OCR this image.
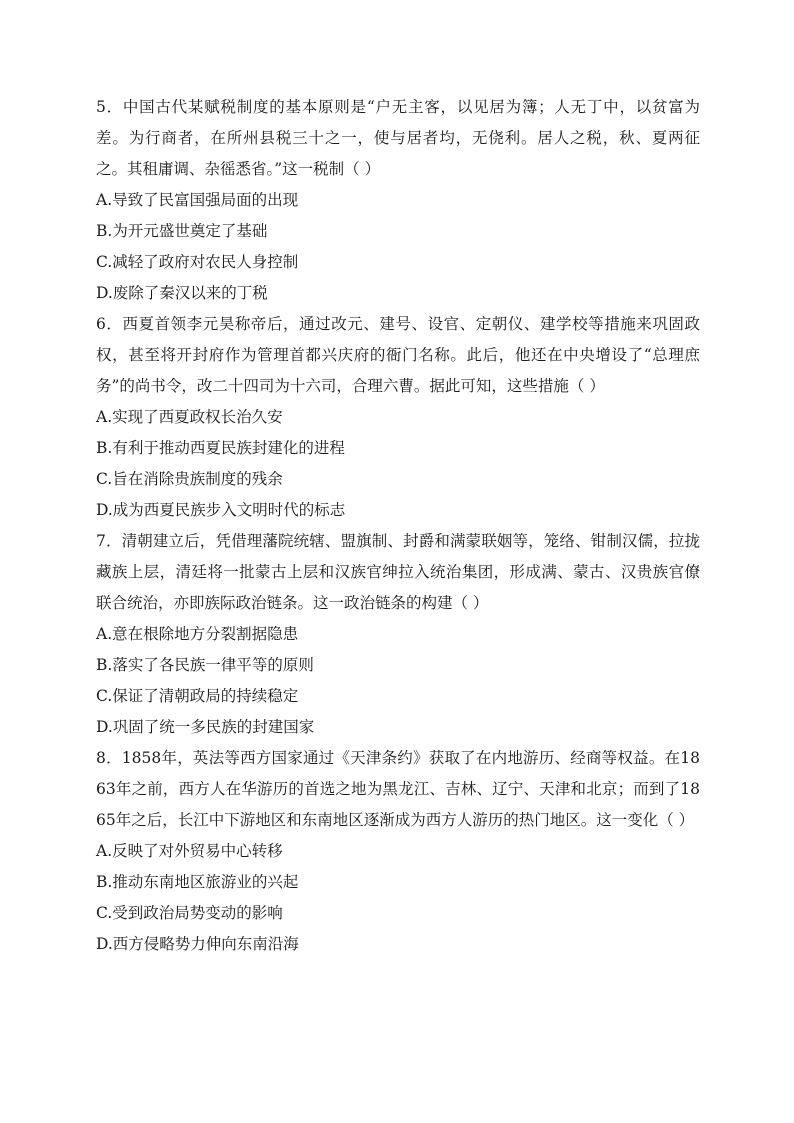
5．中国古代某赋税制度的基本原则是“户无主客，以见居为簿；人无丁中，以贫富为差。为行商者，在所州县税三十之一，使与居者均，无侥利。居人之税，秋、夏两征之。其租庸调、杂徭悉省。”这一税制（ ）

A.导致了民富国强局面的出现
B.为开元盛世奠定了基础
C.减轻了政府对农民人身控制
D.废除了秦汉以来的丁税

6．西夏首领李元昊称帝后，通过改元、建号、设官、定朝仪、建学校等措施来巩固政权，甚至将开封府作为管理首都兴庆府的衙门名称。此后，他还在中央增设了“总理庶务”的尚书令，改二十四司为十六司，合理六曹。据此可知，这些措施（ ）

A.实现了西夏政权长治久安
B.有利于推动西夏民族封建化的进程
C.旨在消除贵族制度的残余
D.成为西夏民族步入文明时代的标志

7．清朝建立后，凭借理藩院统辖、盟旗制、封爵和满蒙联姻等，笼络、钳制汉儒，拉拢藏族上层，清廷将一批蒙古上层和汉族官绅拉入统治集团，形成满、蒙古、汉贵族官僚联合统治，亦即族际政治链条。这一政治链条的构建（ ）

A.意在根除地方分裂割据隐患
B.落实了各民族一律平等的原则
C.保证了清朝政局的持续稳定
D.巩固了统一多民族的封建国家

8．1858年，英法等西方国家通过《天津条约》获取了在内地游历、经商等权益。在1863年之前，西方人在华游历的首选之地为黑龙江、吉林、辽宁、天津和北京；而到了1865年之后，长江中下游地区和东南地区逐渐成为西方人游历的热门地区。这一变化（ ）

A.反映了对外贸易中心转移
B.推动东南地区旅游业的兴起
C.受到政治局势变动的影响
D.西方侵略势力伸向东南沿海
